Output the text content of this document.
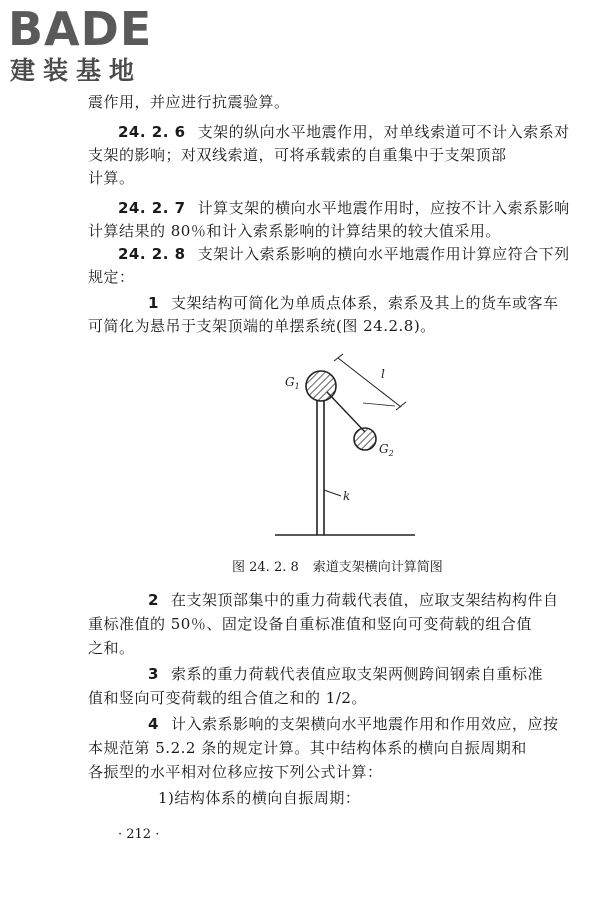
BADE
建装基地
震作用，并应进行抗震验算。
24. 2. 6 支架的纵向水平地震作用，对单线索道可不计入索系对
支架的影响；对双线索道，可将承载索的自重集中于支架顶部
计算。
24. 2. 7 计算支架的横向水平地震作用时，应按不计入索系影响
计算结果的 80％和计入索系影响的计算结果的较大值采用。
24. 2. 8 支架计入索系影响的横向水平地震作用计算应符合下列
规定：
1 支架结构可简化为单质点体系，索系及其上的货车或客车
可简化为悬吊于支架顶端的单摆系统(图 24.2.8)。
$G_1$
$G_2$
l
k
图 24. 2. 8 索道支架横向计算简图
2 在支架顶部集中的重力荷载代表值，应取支架结构构件自
重标准值的 50％、固定设备自重标准值和竖向可变荷载的组合值
之和。
3 索系的重力荷载代表值应取支架两侧跨间钢索自重标准
值和竖向可变荷载的组合值之和的 1/2。
4 计入索系影响的支架横向水平地震作用和作用效应，应按
本规范第 5.2.2 条的规定计算。其中结构体系的横向自振周期和
各振型的水平相对位移应按下列公式计算：
1)结构体系的横向自振周期：
· 212 ·
